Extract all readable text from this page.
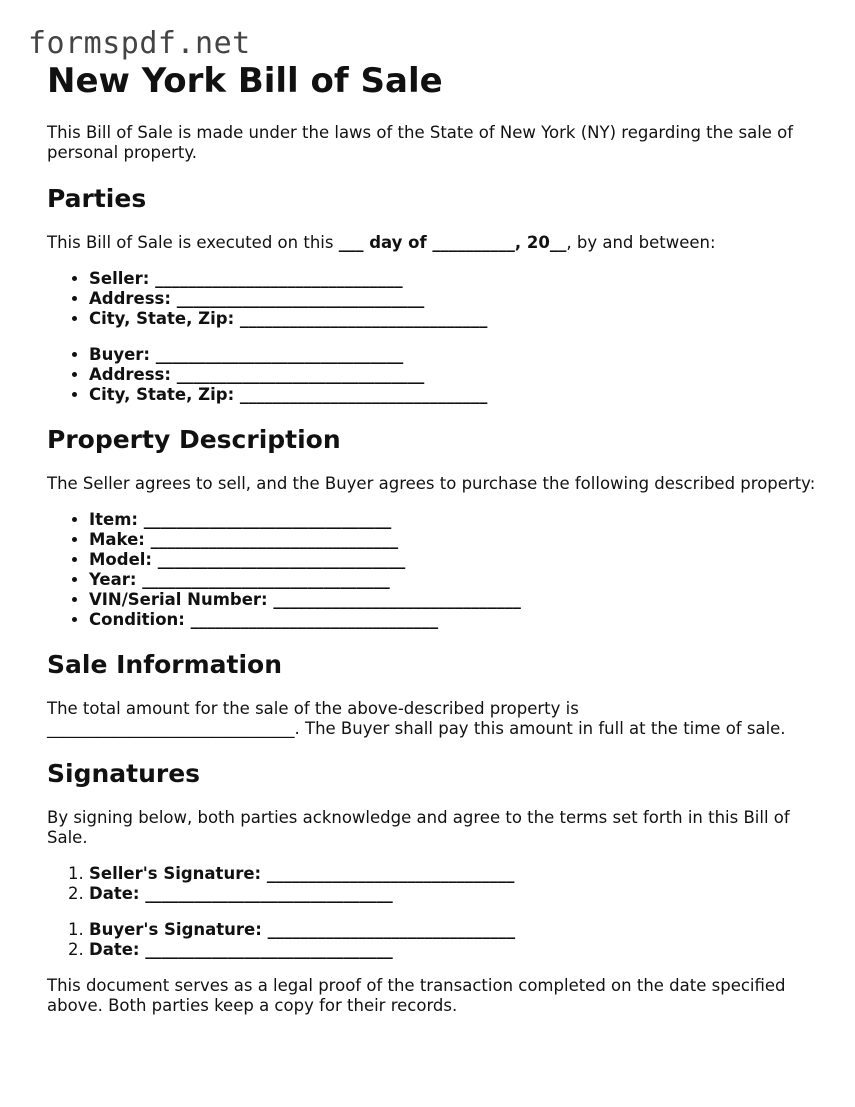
formspdf.net
New York Bill of Sale

This Bill of Sale is made under the laws of the State of New York (NY) regarding the sale of personal property.

Parties

This Bill of Sale is executed on this ___ day of __________, 20__, by and between:

• Seller: ______________________________
• Address: ______________________________
• City, State, Zip: ______________________________
• Buyer: ______________________________
• Address: ______________________________
• City, State, Zip: ______________________________
Property Description

The Seller agrees to sell, and the Buyer agrees to purchase the following described property:

• Item: ______________________________
• Make: ______________________________
• Model: ______________________________
• Year: ______________________________
• VIN/Serial Number: ______________________________
• Condition: ______________________________
Sale Information

The total amount for the sale of the above-described property is ______________________________. The Buyer shall pay this amount in full at the time of sale.

Signatures

By signing below, both parties acknowledge and agree to the terms set forth in this Bill of Sale.

1. Seller's Signature: ______________________________
2. Date: ______________________________
1. Buyer's Signature: ______________________________
2. Date: ______________________________

This document serves as a legal proof of the transaction completed on the date specified above. Both parties keep a copy for their records.
